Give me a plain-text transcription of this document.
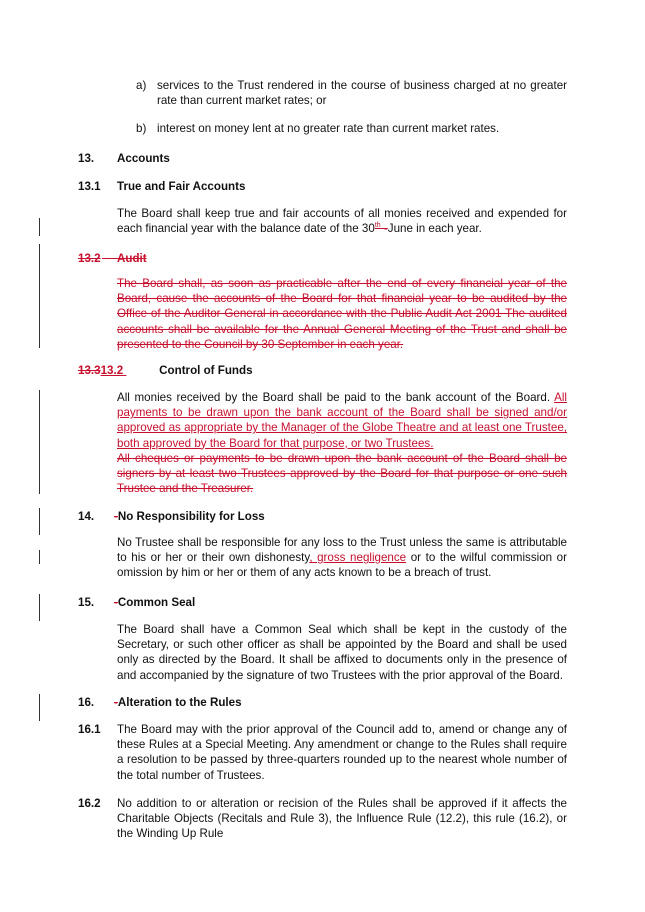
a) services to the Trust rendered in the course of business charged at no greater rate than current market rates; or
b) interest on money lent at no greater rate than current market rates.
13. Accounts
13.1 True and Fair Accounts
The Board shall keep true and fair accounts of all monies received and expended for each financial year with the balance date of the 30th -June in each year.
13.2 Audit
The Board shall, as soon as practicable after the end of every financial year of the Board, cause the accounts of the Board for that financial year to be audited by the Office of the Auditor General in accordance with the Public Audit Act 2001 The audited accounts shall be available for the Annual General Meeting of the Trust and shall be presented to the Council by 30 September in each year.
13.313.2	Control of Funds
All monies received by the Board shall be paid to the bank account of the Board. All payments to be drawn upon the bank account of the Board shall be signed and/or approved as appropriate by the Manager of the Globe Theatre and at least one Trustee, both approved by the Board for that purpose, or two Trustees.
All cheques or payments to be drawn upon the bank account of the Board shall be signers by at least two Trustees approved by the Board for that purpose or one such Trustee and the Treasurer.
14. -No Responsibility for Loss
No Trustee shall be responsible for any loss to the Trust unless the same is attributable to his or her or their own dishonesty, gross negligence or to the wilful commission or omission by him or her or them of any acts known to be a breach of trust.
15. -Common Seal
The Board shall have a Common Seal which shall be kept in the custody of the Secretary, or such other officer as shall be appointed by the Board and shall be used only as directed by the Board. It shall be affixed to documents only in the presence of and accompanied by the signature of two Trustees with the prior approval of the Board.
16. -Alteration to the Rules
16.1 The Board may with the prior approval of the Council add to, amend or change any of these Rules at a Special Meeting. Any amendment or change to the Rules shall require a resolution to be passed by three-quarters rounded up to the nearest whole number of the total number of Trustees.
16.2 No addition to or alteration or recision of the Rules shall be approved if it affects the Charitable Objects (Recitals and Rule 3), the Influence Rule (12.2), this rule (16.2), or the Winding Up Rule
